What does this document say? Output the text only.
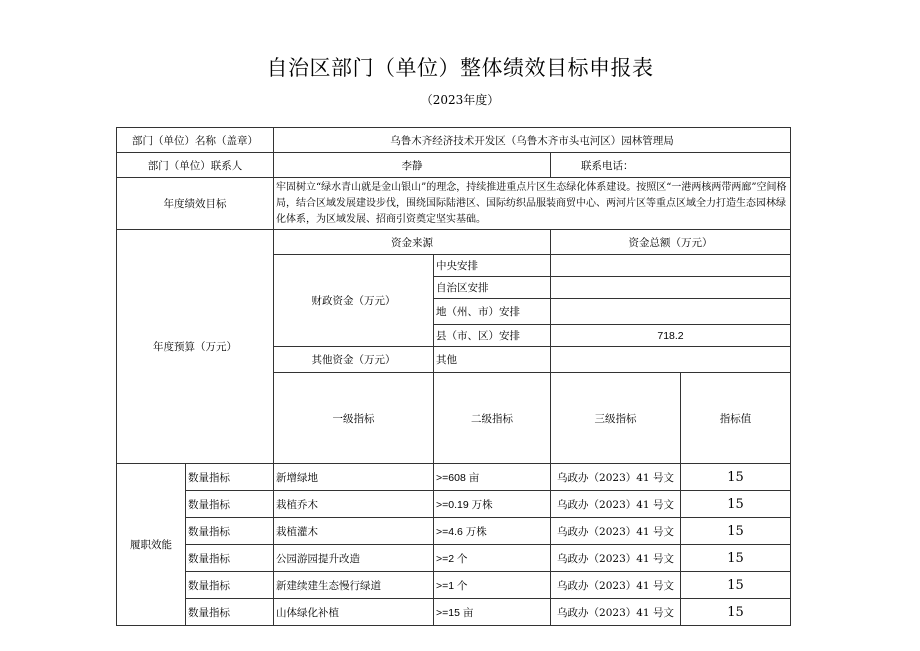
自治区部门（单位）整体绩效目标申报表
（2023年度）
部门（单位）名称（盖章）		乌鲁木齐经济技术开发区（乌鲁木齐市头屯河区）园林管理局				
部门（单位）联系人		李静		联系电话：		
年度绩效目标		牢固树立“绿水青山就是金山银山”的理念，持续推进重点片区生态绿化体系建设。按照区“一港两核两带两廊”空间格局，结合区域发展建设步伐，围绕国际陆港区、国际纺织品服装商贸中心、两河片区等重点区域全力打造生态园林绿化体系，为区域发展、招商引资奠定坚实基础。				
年度预算（万元）		资金来源		资金总额（万元）		
		财政资金（万元）	中央安排			
			自治区安排			
			地（州、市）安排			
			县（市、区）安排	718.2		
		其他资金（万元）	其他			
		一级指标	二级指标	三级指标	指标值		
履职效能	数量指标	新增绿地	>=608 亩	乌政办（2023）41 号文	15	
	数量指标	栽植乔木	>=0.19 万株	乌政办（2023）41 号文	15	
	数量指标	栽植灌木	>=4.6 万株	乌政办（2023）41 号文	15	
	数量指标	公园游园提升改造	>=2 个	乌政办（2023）41 号文	15	
	数量指标	新建续建生态慢行绿道	>=1 个	乌政办（2023）41 号文	15	
	数量指标	山体绿化补植	>=15 亩	乌政办（2023）41 号文	15	
